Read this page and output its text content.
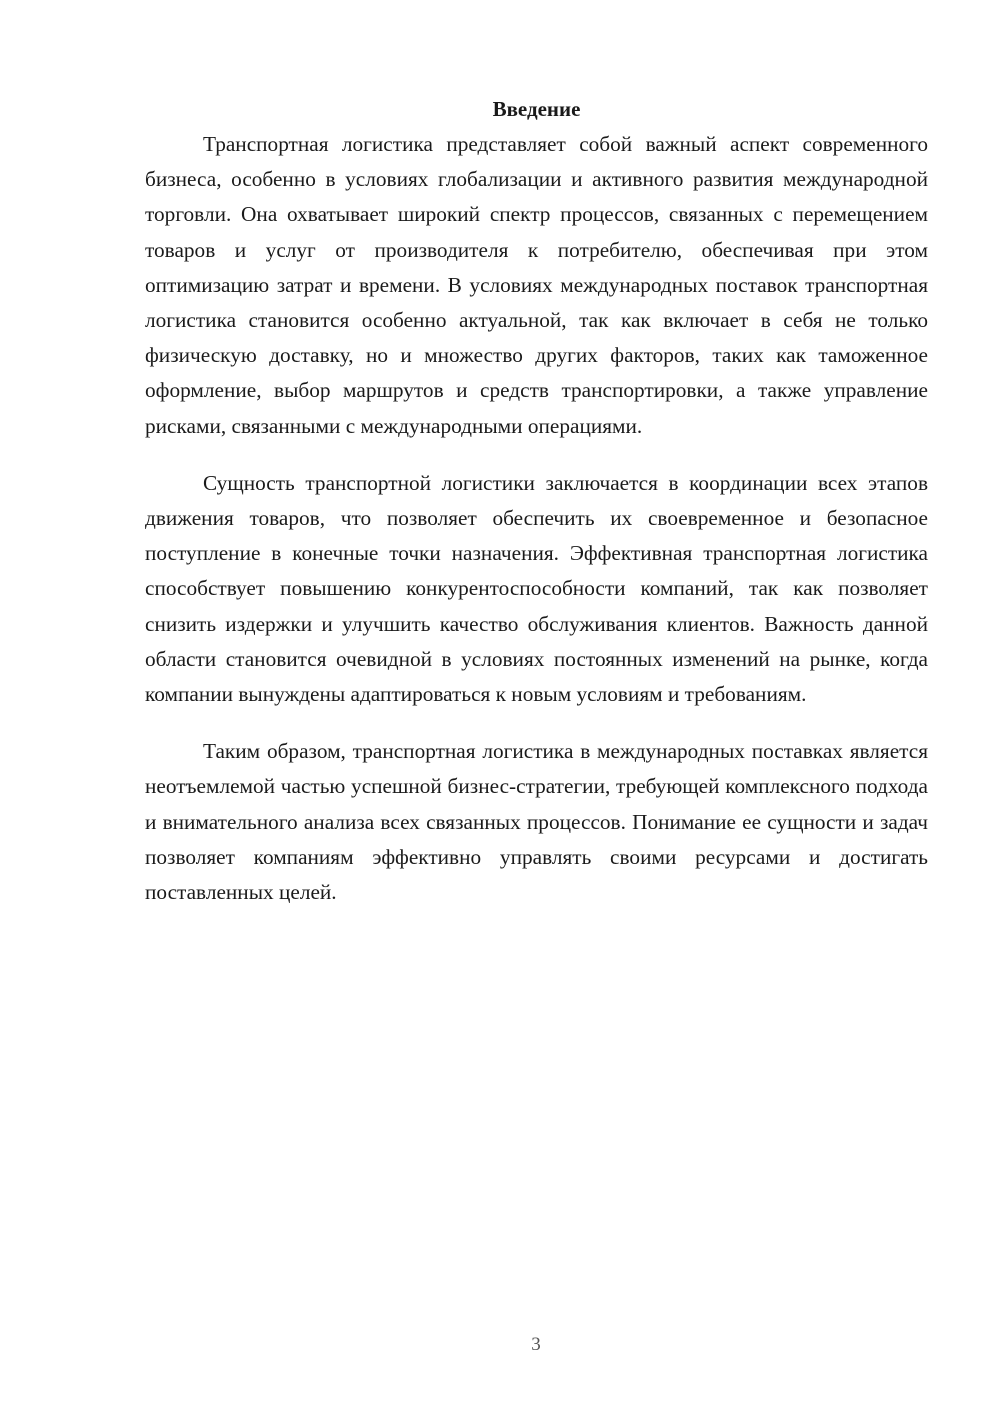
Введение

Транспортная логистика представляет собой важный аспект современного бизнеса, особенно в условиях глобализации и активного развития международной торговли. Она охватывает широкий спектр процессов, связанных с перемещением товаров и услуг от производителя к потребителю, обеспечивая при этом оптимизацию затрат и времени. В условиях международных поставок транспортная логистика становится особенно актуальной, так как включает в себя не только физическую доставку, но и множество других факторов, таких как таможенное оформление, выбор маршрутов и средств транспортировки, а также управление рисками, связанными с международными операциями.

Сущность транспортной логистики заключается в координации всех этапов движения товаров, что позволяет обеспечить их своевременное и безопасное поступление в конечные точки назначения. Эффективная транспортная логистика способствует повышению конкурентоспособности компаний, так как позволяет снизить издержки и улучшить качество обслуживания клиентов. Важность данной области становится очевидной в условиях постоянных изменений на рынке, когда компании вынуждены адаптироваться к новым условиям и требованиям.

Таким образом, транспортная логистика в международных поставках является неотъемлемой частью успешной бизнес-стратегии, требующей комплексного подхода и внимательного анализа всех связанных процессов. Понимание ее сущности и задач позволяет компаниям эффективно управлять своими ресурсами и достигать поставленных целей.

3
